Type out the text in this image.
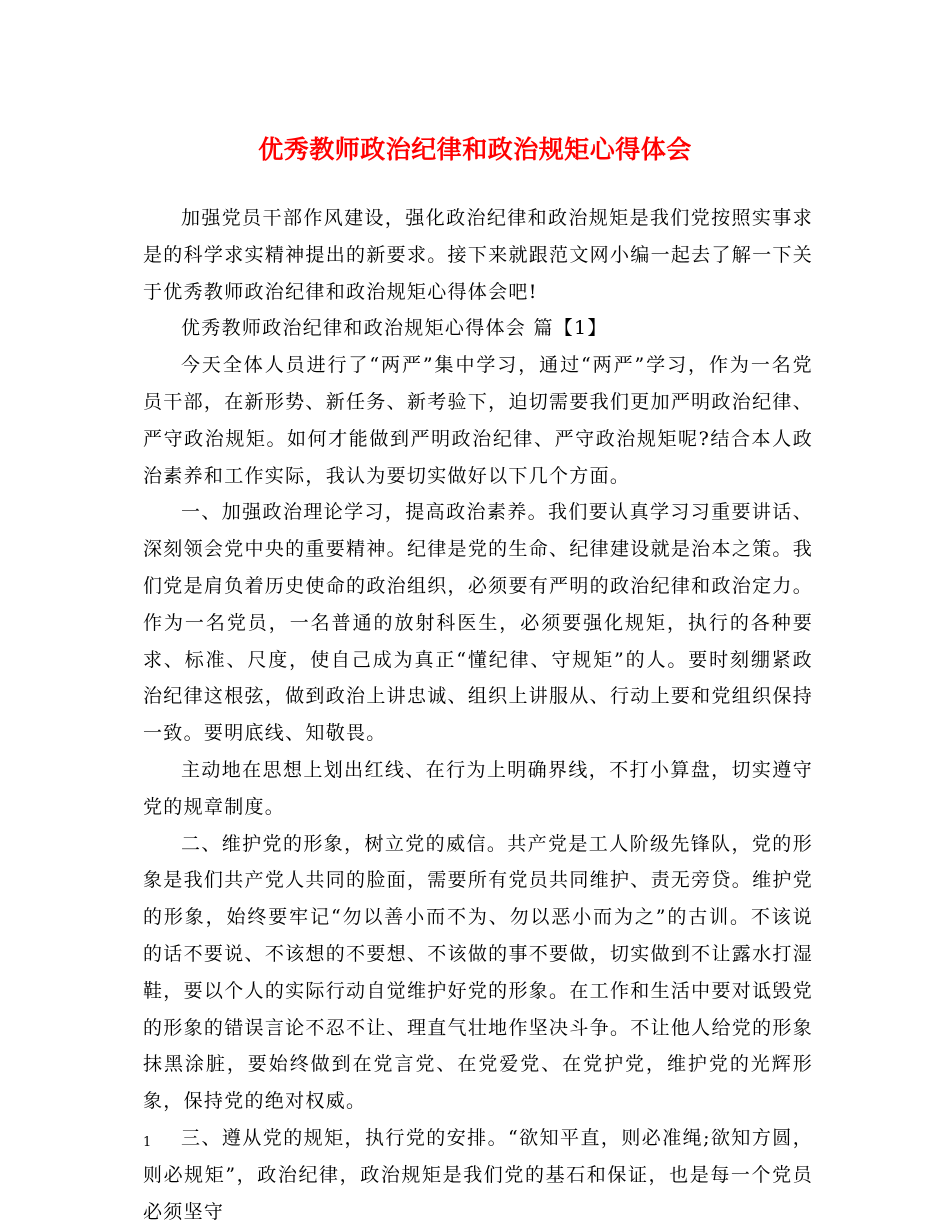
优秀教师政治纪律和政治规矩心得体会

加强党员干部作风建设，强化政治纪律和政治规矩是我们党按照实事求是的科学求实精神提出的新要求。接下来就跟范文网小编一起去了解一下关于优秀教师政治纪律和政治规矩心得体会吧!

优秀教师政治纪律和政治规矩心得体会 篇【1】

今天全体人员进行了“两严”集中学习，通过“两严”学习，作为一名党员干部，在新形势、新任务、新考验下，迫切需要我们更加严明政治纪律、严守政治规矩。如何才能做到严明政治纪律、严守政治规矩呢?结合本人政治素养和工作实际，我认为要切实做好以下几个方面。

一、加强政治理论学习，提高政治素养。我们要认真学习习重要讲话、深刻领会党中央的重要精神。纪律是党的生命、纪律建设就是治本之策。我们党是肩负着历史使命的政治组织，必须要有严明的政治纪律和政治定力。作为一名党员，一名普通的放射科医生，必须要强化规矩，执行的各种要求、标准、尺度，使自己成为真正“懂纪律、守规矩”的人。要时刻绷紧政治纪律这根弦，做到政治上讲忠诚、组织上讲服从、行动上要和党组织保持一致。要明底线、知敬畏。

主动地在思想上划出红线、在行为上明确界线，不打小算盘，切实遵守党的规章制度。

二、维护党的形象，树立党的威信。共产党是工人阶级先锋队，党的形象是我们共产党人共同的脸面，需要所有党员共同维护、责无旁贷。维护党的形象，始终要牢记“勿以善小而不为、勿以恶小而为之”的古训。不该说的话不要说、不该想的不要想、不该做的事不要做，切实做到不让露水打湿鞋，要以个人的实际行动自觉维护好党的形象。在工作和生活中要对诋毁党的形象的错误言论不忍不让、理直气壮地作坚决斗争。不让他人给党的形象抹黑涂脏，要始终做到在党言党、在党爱党、在党护党，维护党的光辉形象，保持党的绝对权威。

三、遵从党的规矩，执行党的安排。“欲知平直，则必准绳;欲知方圆，则必规矩”，政治纪律，政治规矩是我们党的基石和保证，也是每一个党员必须坚守

1
